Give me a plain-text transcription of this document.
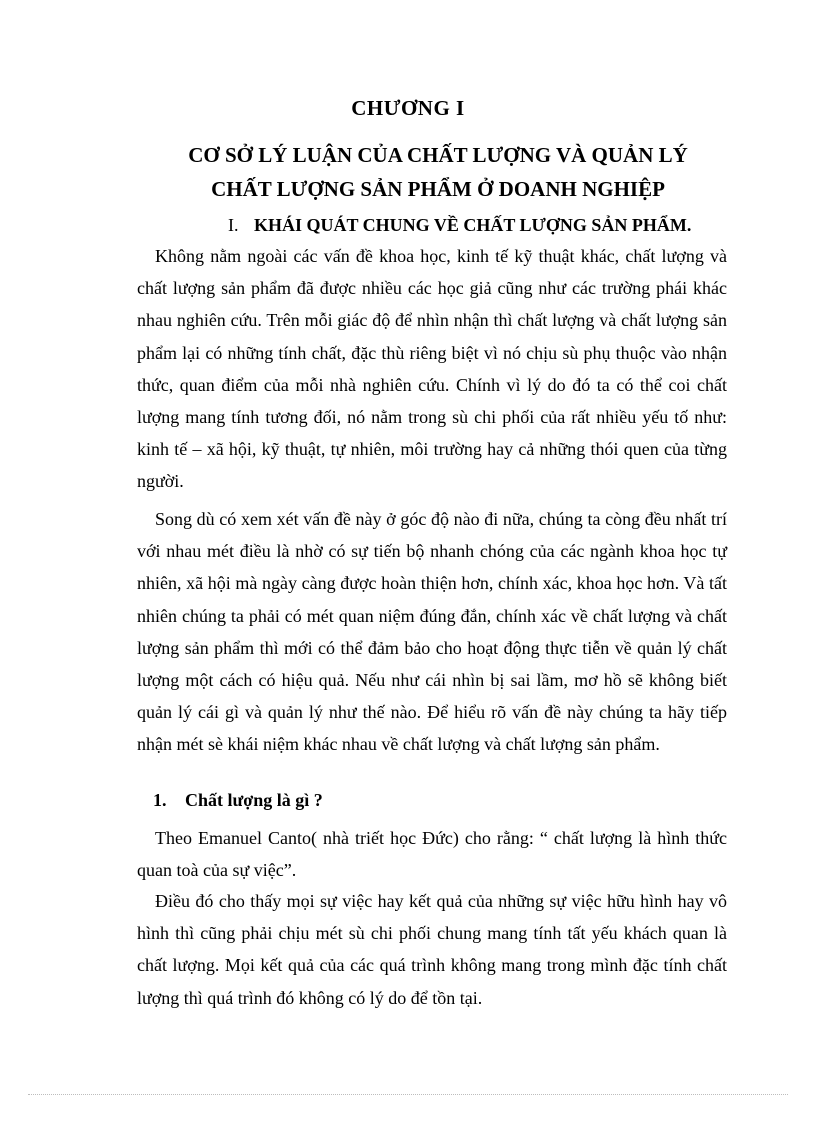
CHƯƠNG I
CƠ SỞ LÝ LUẬN CỦA CHẤT LƯỢNG VÀ QUẢN LÝ
CHẤT LƯỢNG SẢN PHẨM Ở DOANH NGHIỆP
I. KHÁI QUÁT CHUNG VỀ CHẤT LƯỢNG SẢN PHẨM.

Không nằm ngoài các vấn đề khoa học, kinh tế kỹ thuật khác, chất lượng và chất lượng sản phẩm đã được nhiều các học giả cũng như các trường phái khác nhau nghiên cứu. Trên mỗi giác độ để nhìn nhận thì chất lượng và chất lượng sản phẩm lại có những tính chất, đặc thù riêng biệt vì nó chịu sù phụ thuộc vào nhận thức, quan điểm của mỗi nhà nghiên cứu. Chính vì lý do đó ta có thể coi chất lượng mang tính tương đối, nó nằm trong sù chi phối của rất nhiều yếu tố như: kinh tế – xã hội, kỹ thuật, tự nhiên, môi trường hay cả những thói quen của từng người.

Song dù có xem xét vấn đề này ở góc độ nào đi nữa, chúng ta còng đều nhất trí với nhau mét điều là nhờ có sự tiến bộ nhanh chóng của các ngành khoa học tự nhiên, xã hội mà ngày càng được hoàn thiện hơn, chính xác, khoa học hơn. Và tất nhiên chúng ta phải có mét quan niệm đúng đắn, chính xác về chất lượng và chất lượng sản phẩm thì mới có thể đảm bảo cho hoạt động thực tiễn về quản lý chất lượng một cách có hiệu quả. Nếu như cái nhìn bị sai lầm, mơ hồ sẽ không biết quản lý cái gì và quản lý như thế nào. Để hiểu rõ vấn đề này chúng ta hãy tiếp nhận mét sè khái niệm khác nhau về chất lượng và chất lượng sản phẩm.

1. Chất lượng là gì ?

Theo Emanuel Canto( nhà triết học Đức) cho rằng: “ chất lượng là hình thức quan toà của sự việc”.

Điều đó cho thấy mọi sự việc hay kết quả của những sự việc hữu hình hay vô hình thì cũng phải chịu mét sù chi phối chung mang tính tất yếu khách quan là chất lượng. Mọi kết quả của các quá trình không mang trong mình đặc tính chất lượng thì quá trình đó không có lý do để tồn tại.
